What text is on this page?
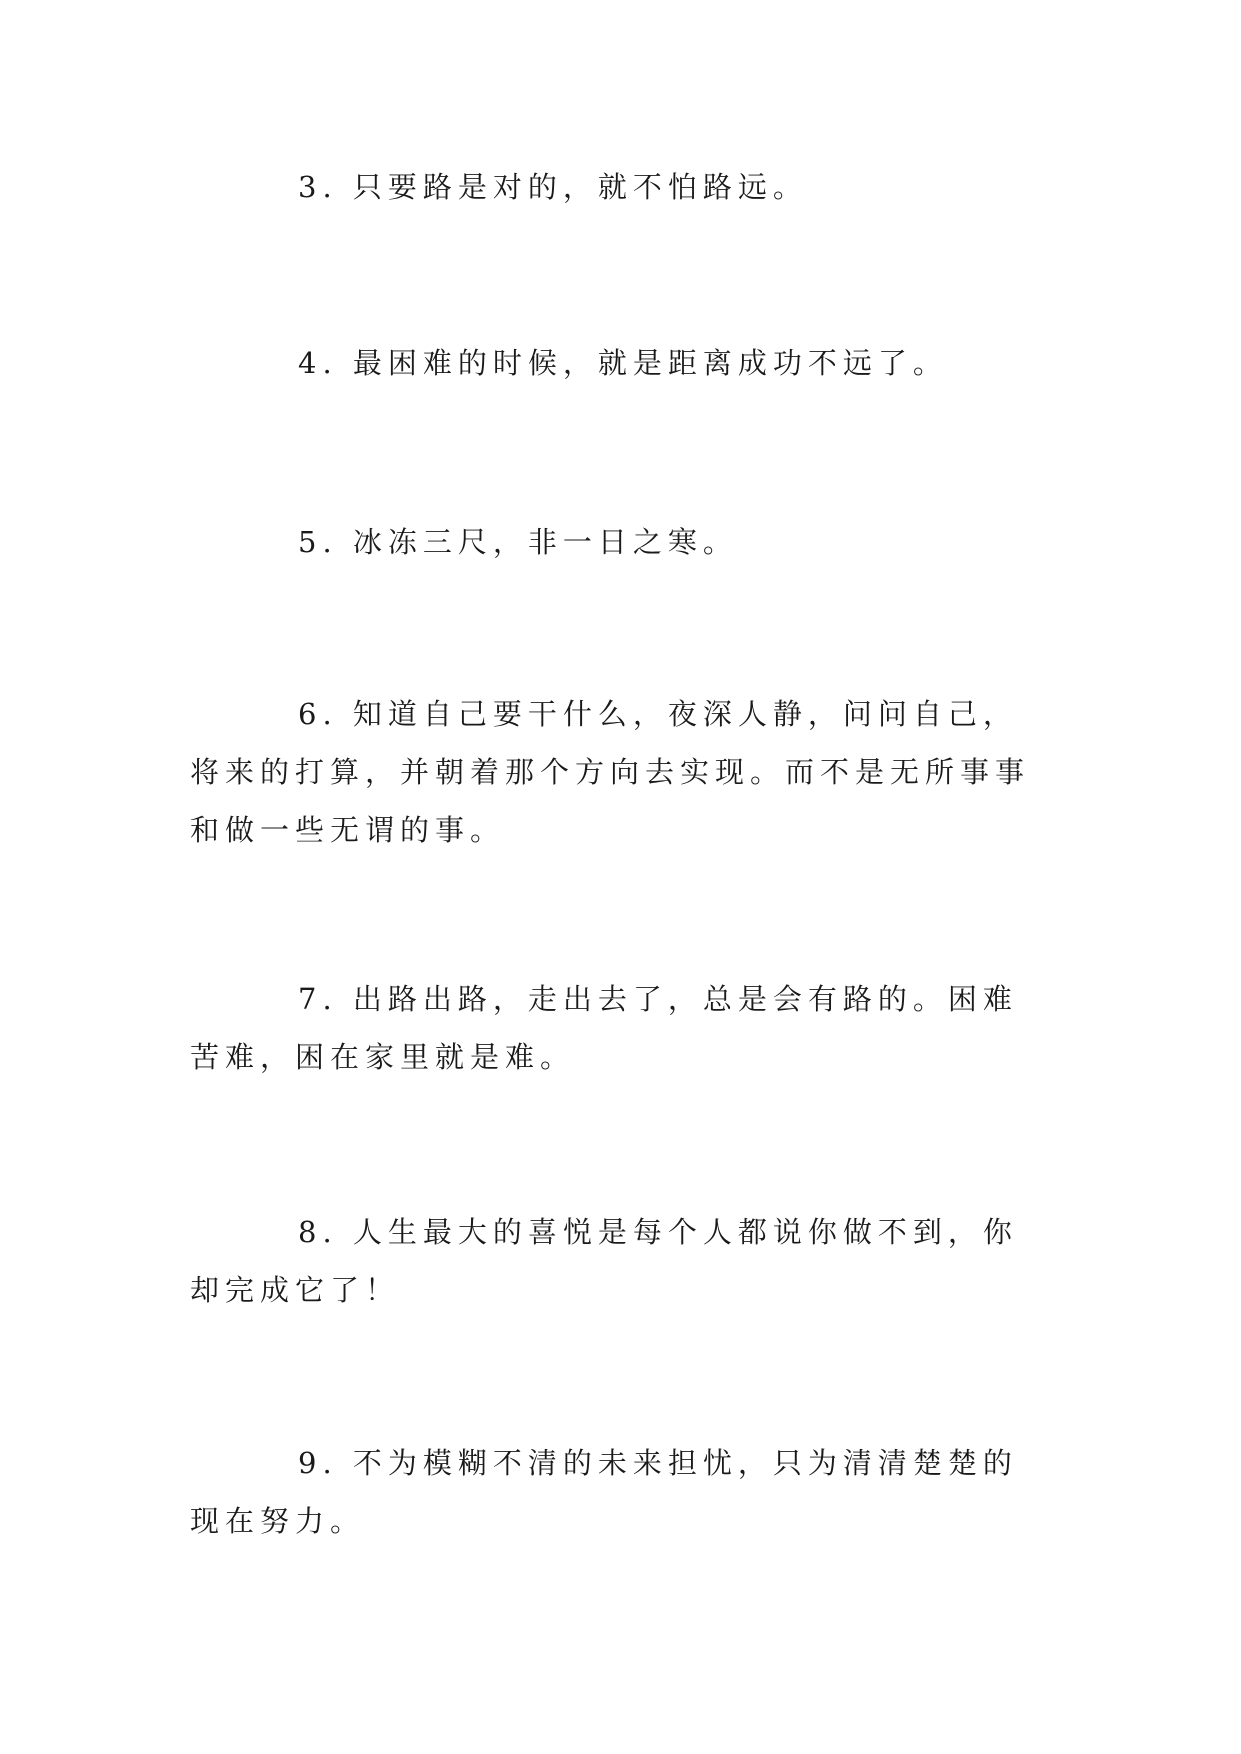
3. 只要路是对的，就不怕路远。

4. 最困难的时候，就是距离成功不远了。

5. 冰冻三尺，非一日之寒。

6. 知道自己要干什么，夜深人静，问问自己，将来的打算，并朝着那个方向去实现。而不是无所事事和做一些无谓的事。

7. 出路出路，走出去了，总是会有路的。困难苦难，困在家里就是难。

8. 人生最大的喜悦是每个人都说你做不到，你却完成它了！

9. 不为模糊不清的未来担忧，只为清清楚楚的现在努力。
